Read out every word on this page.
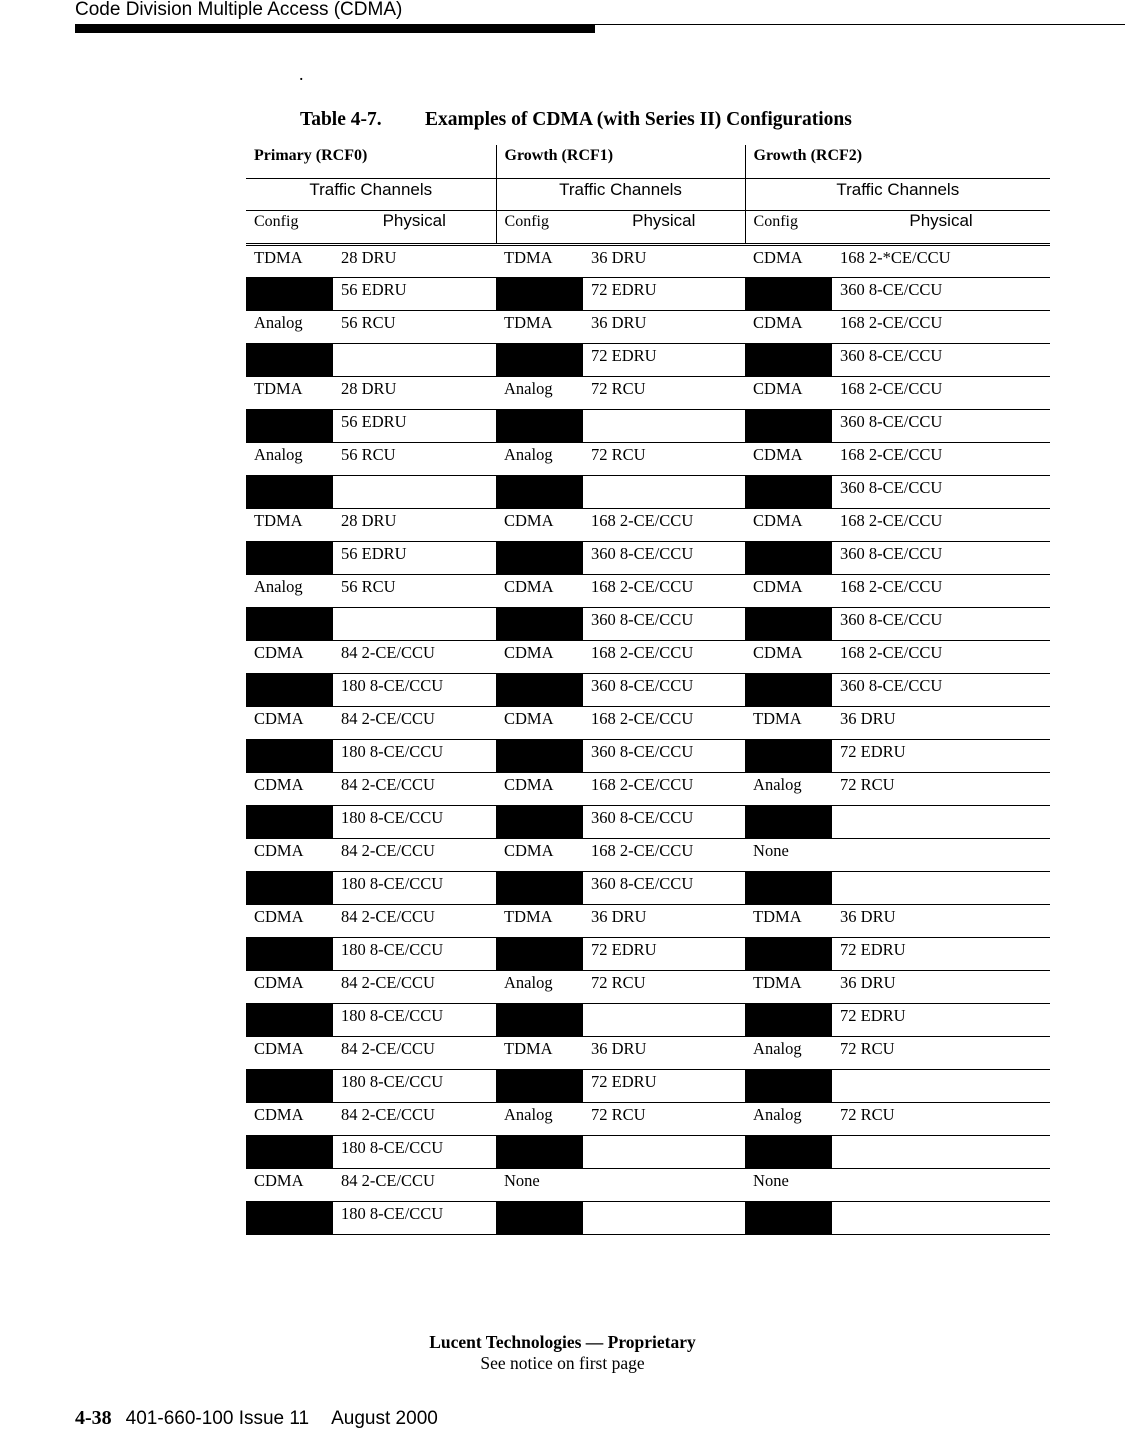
Code Division Multiple Access (CDMA)
.
Table 4-7. Examples of CDMA (with Series II) Configurations
Primary (RCF0)		Growth (RCF1)		Growth (RCF2)	
Traffic Channels		Traffic Channels		Traffic Channels	
Config	Physical	Config	Physical	Config	Physical
TDMA	28 DRU	TDMA	36 DRU	CDMA	168 2-*CE/CCU
	56 EDRU		72 EDRU		360 8-CE/CCU
Analog	56 RCU	TDMA	36 DRU	CDMA	168 2-CE/CCU
			72 EDRU		360 8-CE/CCU
TDMA	28 DRU	Analog	72 RCU	CDMA	168 2-CE/CCU
	56 EDRU				360 8-CE/CCU
Analog	56 RCU	Analog	72 RCU	CDMA	168 2-CE/CCU
					360 8-CE/CCU
TDMA	28 DRU	CDMA	168 2-CE/CCU	CDMA	168 2-CE/CCU
	56 EDRU		360 8-CE/CCU		360 8-CE/CCU
Analog	56 RCU	CDMA	168 2-CE/CCU	CDMA	168 2-CE/CCU
			360 8-CE/CCU		360 8-CE/CCU
CDMA	84 2-CE/CCU	CDMA	168 2-CE/CCU	CDMA	168 2-CE/CCU
	180 8-CE/CCU		360 8-CE/CCU		360 8-CE/CCU
CDMA	84 2-CE/CCU	CDMA	168 2-CE/CCU	TDMA	36 DRU
	180 8-CE/CCU		360 8-CE/CCU		72 EDRU
CDMA	84 2-CE/CCU	CDMA	168 2-CE/CCU	Analog	72 RCU
	180 8-CE/CCU		360 8-CE/CCU		
CDMA	84 2-CE/CCU	CDMA	168 2-CE/CCU	None	
	180 8-CE/CCU		360 8-CE/CCU		
CDMA	84 2-CE/CCU	TDMA	36 DRU	TDMA	36 DRU
	180 8-CE/CCU		72 EDRU		72 EDRU
CDMA	84 2-CE/CCU	Analog	72 RCU	TDMA	36 DRU
	180 8-CE/CCU				72 EDRU
CDMA	84 2-CE/CCU	TDMA	36 DRU	Analog	72 RCU
	180 8-CE/CCU		72 EDRU		
CDMA	84 2-CE/CCU	Analog	72 RCU	Analog	72 RCU
	180 8-CE/CCU				
CDMA	84 2-CE/CCU	None		None	
	180 8-CE/CCU				
Lucent Technologies — Proprietary
See notice on first page
4-38 401-660-100 Issue 11 August 2000
